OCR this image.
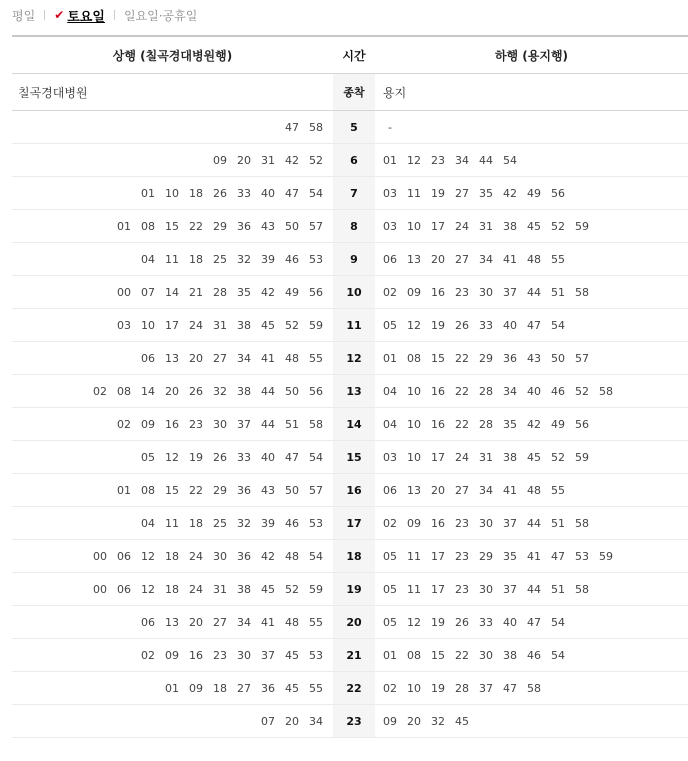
평일 ✔ 토요일 일요일·공휴일
상행 (칠곡경대병원행)	시간	하행 (용지행)
칠곡경대병원	종착	용지
47 58	5	-
09 20 31 42 52	6	01 12 23 34 44 54
01 10 18 26 33 40 47 54	7	03 11 19 27 35 42 49 56
01 08 15 22 29 36 43 50 57	8	03 10 17 24 31 38 45 52 59
04 11 18 25 32 39 46 53	9	06 13 20 27 34 41 48 55
00 07 14 21 28 35 42 49 56	10	02 09 16 23 30 37 44 51 58
03 10 17 24 31 38 45 52 59	11	05 12 19 26 33 40 47 54
06 13 20 27 34 41 48 55	12	01 08 15 22 29 36 43 50 57
02 08 14 20 26 32 38 44 50 56	13	04 10 16 22 28 34 40 46 52 58
02 09 16 23 30 37 44 51 58	14	04 10 16 22 28 35 42 49 56
05 12 19 26 33 40 47 54	15	03 10 17 24 31 38 45 52 59
01 08 15 22 29 36 43 50 57	16	06 13 20 27 34 41 48 55
04 11 18 25 32 39 46 53	17	02 09 16 23 30 37 44 51 58
00 06 12 18 24 30 36 42 48 54	18	05 11 17 23 29 35 41 47 53 59
00 06 12 18 24 31 38 45 52 59	19	05 11 17 23 30 37 44 51 58
06 13 20 27 34 41 48 55	20	05 12 19 26 33 40 47 54
02 09 16 23 30 37 45 53	21	01 08 15 22 30 38 46 54
01 09 18 27 36 45 55	22	02 10 19 28 37 47 58
07 20 34	23	09 20 32 45
